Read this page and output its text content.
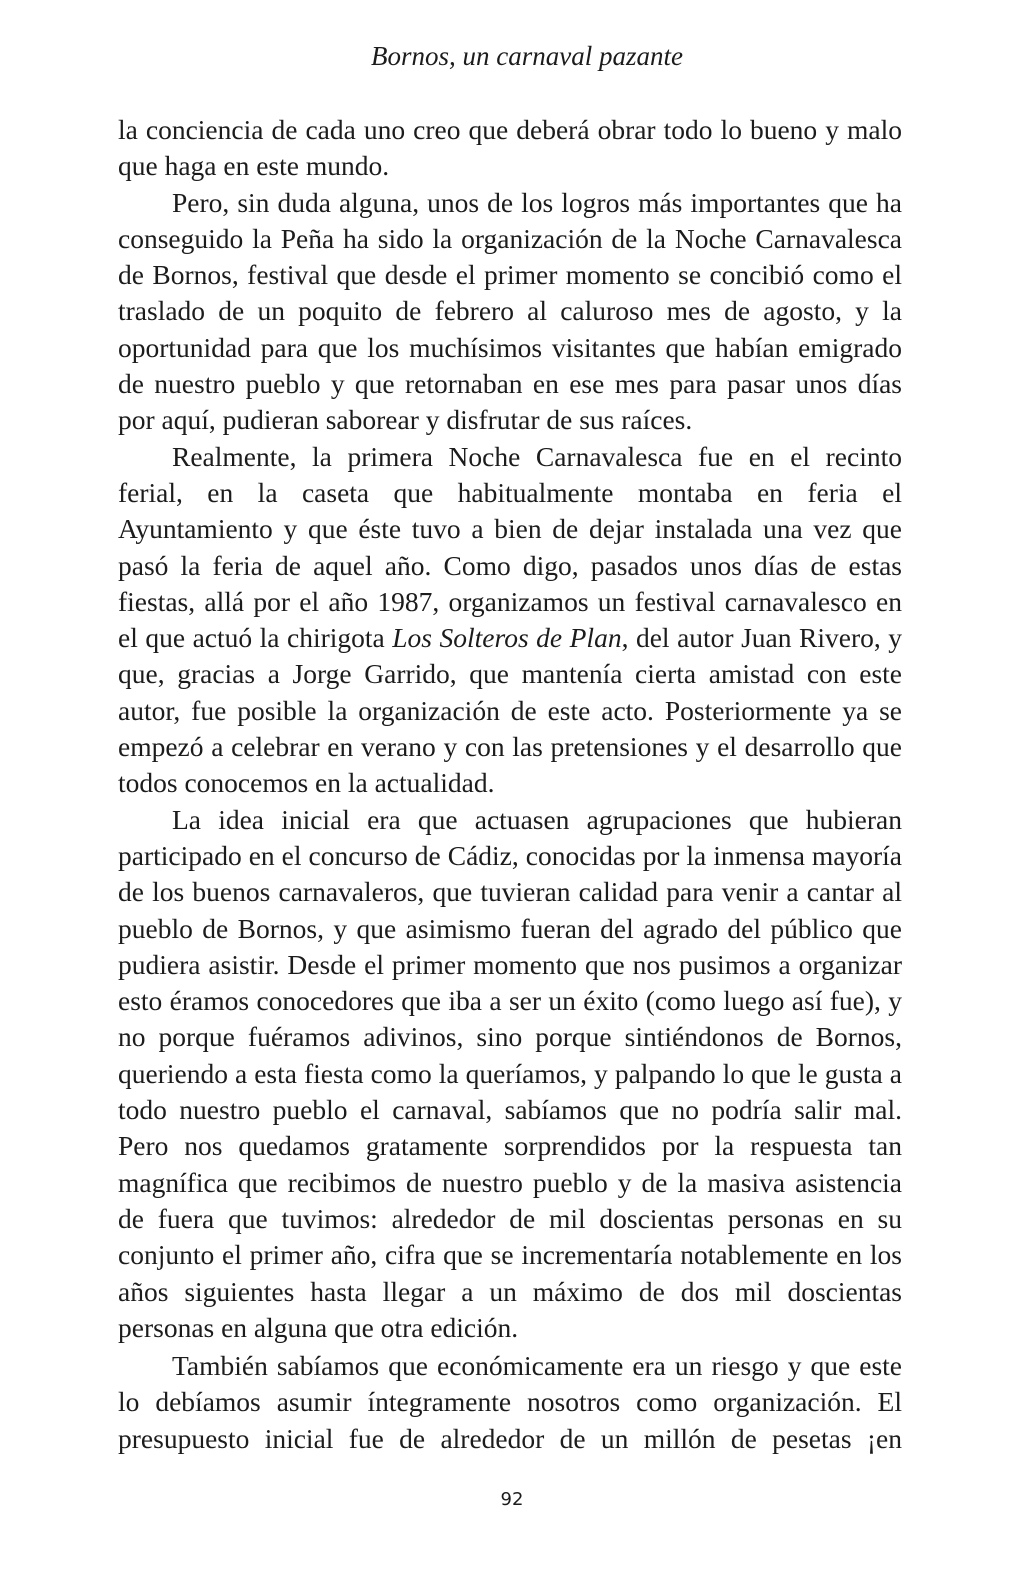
Bornos, un carnaval pazante

la conciencia de cada uno creo que deberá obrar todo lo bueno y malo que haga en este mundo.

Pero, sin duda alguna, unos de los logros más importantes que ha conseguido la Peña ha sido la organización de la Noche Carnavalesca de Bornos, festival que desde el primer momento se concibió como el traslado de un poquito de febrero al caluroso mes de agosto, y la oportunidad para que los muchísimos visitantes que habían emigrado de nuestro pueblo y que retornaban en ese mes para pasar unos días por aquí, pudieran saborear y disfrutar de sus raíces.

Realmente, la primera Noche Carnavalesca fue en el recinto ferial, en la caseta que habitualmente montaba en feria el Ayuntamiento y que éste tuvo a bien de dejar instalada una vez que pasó la feria de aquel año. Como digo, pasados unos días de estas fiestas, allá por el año 1987, organizamos un festival carnavalesco en el que actuó la chirigota Los Solteros de Plan, del autor Juan Rivero, y que, gracias a Jorge Garrido, que mantenía cierta amistad con este autor, fue posible la organización de este acto. Posteriormente ya se empezó a celebrar en verano y con las pretensiones y el desarrollo que todos conocemos en la actualidad.

La idea inicial era que actuasen agrupaciones que hubieran participado en el concurso de Cádiz, conocidas por la inmensa mayoría de los buenos carnavaleros, que tuvieran calidad para venir a cantar al pueblo de Bornos, y que asimismo fueran del agrado del público que pudiera asistir. Desde el primer momento que nos pusimos a organizar esto éramos conocedores que iba a ser un éxito (como luego así fue), y no porque fuéramos adivinos, sino porque sintiéndonos de Bornos, queriendo a esta fiesta como la queríamos, y palpando lo que le gusta a todo nuestro pueblo el carnaval, sabíamos que no podría salir mal. Pero nos quedamos gratamente sorprendidos por la respuesta tan magnífica que recibimos de nuestro pueblo y de la masiva asistencia de fuera que tuvimos: alrededor de mil doscientas personas en su conjunto el primer año, cifra que se incrementaría notablemente en los años siguientes hasta llegar a un máximo de dos mil doscientas personas en alguna que otra edición.

También sabíamos que económicamente era un riesgo y que este lo debíamos asumir íntegramente nosotros como organización. El presupuesto inicial fue de alrededor de un millón de pesetas ¡en

92
